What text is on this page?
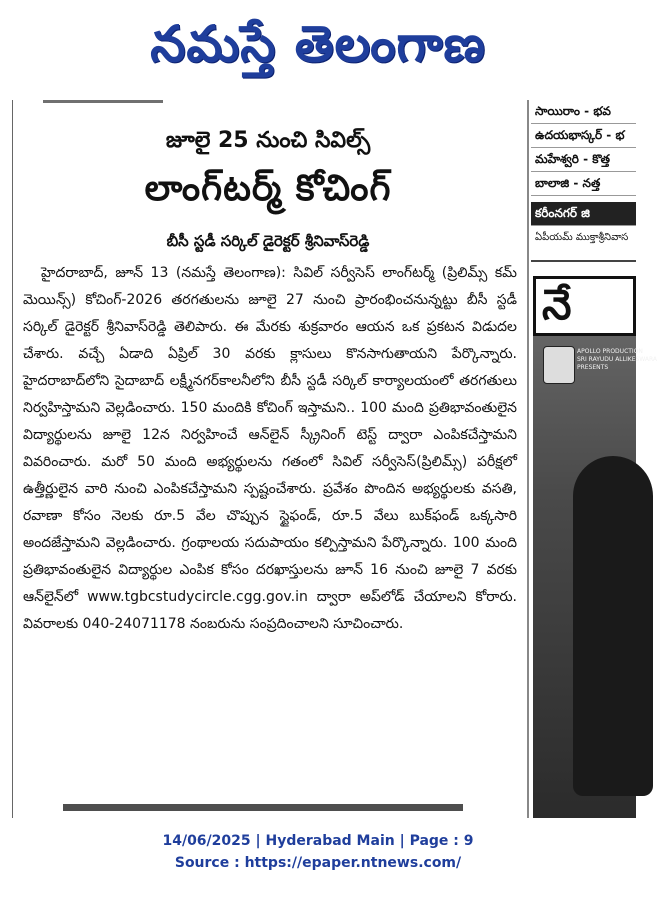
నమస్తే తెలంగాణ
జూలై 25 నుంచి సివిల్స్
లాంగ్‌టర్మ్ కోచింగ్
బీసీ స్టడీ సర్కిల్ డైరెక్టర్ శ్రీనివాస్‌రెడ్డి

హైదరాబాద్, జూన్ 13 (నమస్తే తెలంగాణ): సివిల్ సర్వీసెస్ లాంగ్‌టర్మ్ (ప్రిలిమ్స్ కమ్ మెయిన్స్) కోచింగ్-2026 తరగతులను జూలై 27 నుంచి ప్రారంభించనున్నట్టు బీసీ స్టడీ సర్కిల్ డైరెక్టర్ శ్రీనివాస్‌రెడ్డి తెలిపారు. ఈ మేరకు శుక్రవారం ఆయన ఒక ప్రకటన విడుదల చేశారు. వచ్చే ఏడాది ఏప్రిల్ 30 వరకు క్లాసులు కొనసాగుతాయని పేర్కొన్నారు. హైదరాబాద్‌లోని సైదాబాద్ లక్ష్మీనగర్‌కాలనీలోని బీసీ స్టడీ సర్కిల్ కార్యాలయంలో తరగతులు నిర్వహిస్తామని వెల్లడించారు. 150 మందికి కోచింగ్ ఇస్తామని.. 100 మంది ప్రతిభావంతులైన విద్యార్థులను జూలై 12న నిర్వహించే ఆన్‌లైన్ స్క్రీనింగ్ టెస్ట్ ద్వారా ఎంపికచేస్తామని వివరించారు. మరో 50 మంది అభ్యర్థులను గతంలో సివిల్ సర్వీసెస్(ప్రిలిమ్స్) పరీక్షలో ఉత్తీర్ణులైన వారి నుంచి ఎంపికచేస్తామని స్పష్టంచేశారు. ప్రవేశం పొందిన అభ్యర్థులకు వసతి, రవాణా కోసం నెలకు రూ.5 వేల చొప్పున స్టైఫండ్, రూ.5 వేలు బుక్‌ఫండ్ ఒక్కసారి అందజేస్తామని వెల్లడించారు. గ్రంథాలయ సదుపాయం కల్పిస్తామని పేర్కొన్నారు. 100 మంది ప్రతిభావంతులైన విద్యార్థుల ఎంపిక కోసం దరఖాస్తులను జూన్ 16 నుంచి జూలై 7 వరకు ఆన్‌లైన్‌లో www.tgbcstudycircle.cgg.gov.in ద్వారా అప్‌లోడ్ చేయాలని కోరారు. వివరాలకు 040-24071178 నంబరును సంప్రదించాలని సూచించారు.

సాయిరాం - భవ
ఉదయభాస్కర్ - భ
మహేశ్వరి - కొత్త
బాలాజి - నత్త
కరీంనగర్ జి
ఏపీయమ్ ముక్తాశ్రీనివాస
నే
APOLLO PRODUCTION
SRI RAYUDU ALLIKESWARA
PRESENTS
14/06/2025 | Hyderabad Main | Page : 9
Source : https://epaper.ntnews.com/
